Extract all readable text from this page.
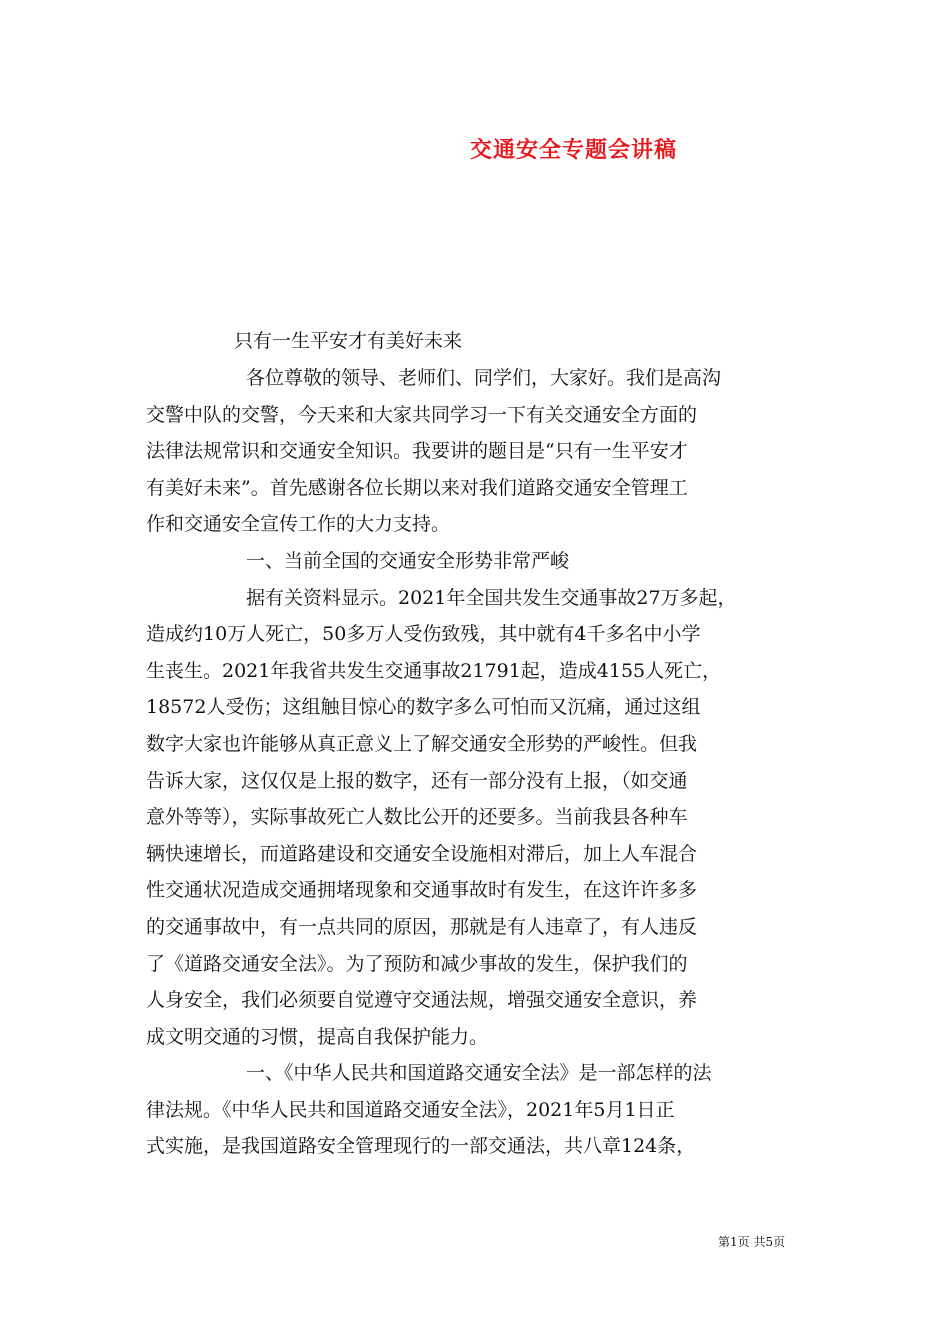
交通安全专题会讲稿
只有一生平安才有美好未来
各位尊敬的领导、老师们、同学们，大家好。我们是高沟
交警中队的交警，今天来和大家共同学习一下有关交通安全方面的
法律法规常识和交通安全知识。我要讲的题目是“只有一生平安才
有美好未来”。首先感谢各位长期以来对我们道路交通安全管理工
作和交通安全宣传工作的大力支持。
一、当前全国的交通安全形势非常严峻
据有关资料显示。2021年全国共发生交通事故27万多起，
造成约10万人死亡，50多万人受伤致残，其中就有4千多名中小学
生丧生。2021年我省共发生交通事故21791起，造成4155人死亡，
18572人受伤；这组触目惊心的数字多么可怕而又沉痛，通过这组
数字大家也许能够从真正意义上了解交通安全形势的严峻性。但我
告诉大家，这仅仅是上报的数字，还有一部分没有上报，（如交通
意外等等），实际事故死亡人数比公开的还要多。当前我县各种车
辆快速增长，而道路建设和交通安全设施相对滞后，加上人车混合
性交通状况造成交通拥堵现象和交通事故时有发生，在这许许多多
的交通事故中，有一点共同的原因，那就是有人违章了，有人违反
了《道路交通安全法》。为了预防和减少事故的发生，保护我们的
人身安全，我们必须要自觉遵守交通法规，增强交通安全意识，养
成文明交通的习惯，提高自我保护能力。
一、《中华人民共和国道路交通安全法》是一部怎样的法
律法规。《中华人民共和国道路交通安全法》，2021年5月1日正
式实施，是我国道路安全管理现行的一部交通法，共八章124条，
第1页 共5页
